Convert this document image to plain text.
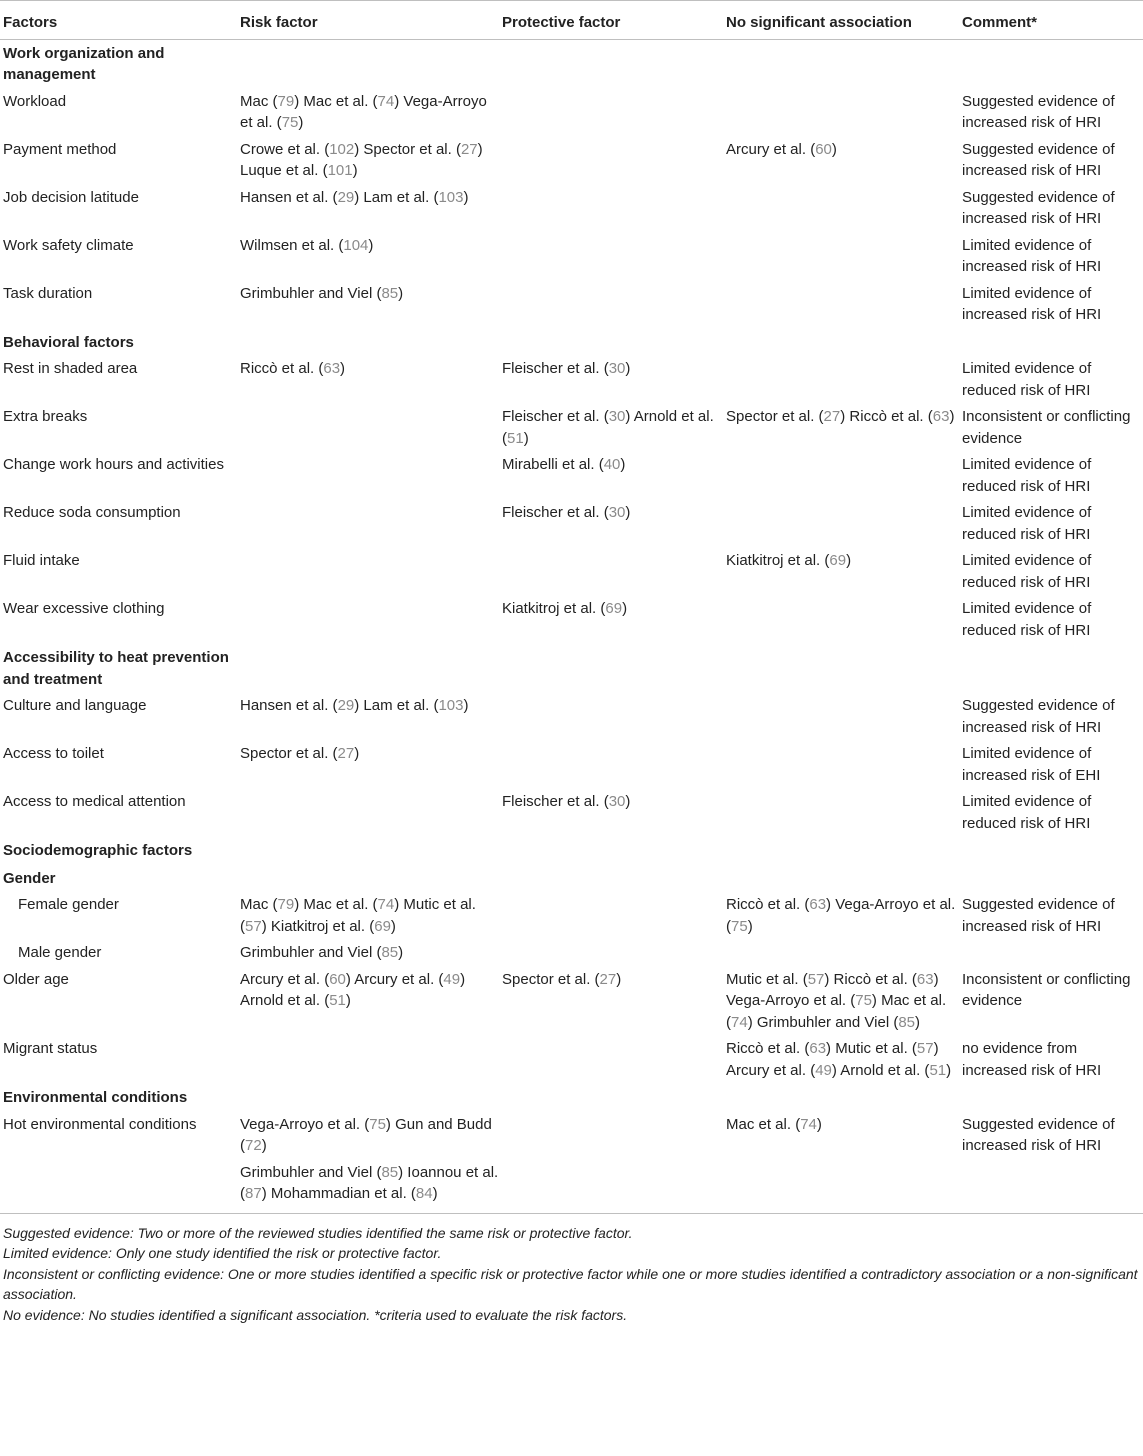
Factors	Risk factor	Protective factor	No significant association	Comment*
Work organization and management				
Workload	Mac (79) Mac et al. (74) Vega-Arroyo et al. (75)			Suggested evidence of increased risk of HRI
Payment method	Crowe et al. (102) Spector et al. (27) Luque et al. (101)		Arcury et al. (60)	Suggested evidence of increased risk of HRI
Job decision latitude	Hansen et al. (29) Lam et al. (103)			Suggested evidence of increased risk of HRI
Work safety climate	Wilmsen et al. (104)			Limited evidence of increased risk of HRI
Task duration	Grimbuhler and Viel (85)			Limited evidence of increased risk of HRI
Behavioral factors				
Rest in shaded area	Riccò et al. (63)	Fleischer et al. (30)		Limited evidence of reduced risk of HRI
Extra breaks		Fleischer et al. (30) Arnold et al. (51)	Spector et al. (27) Riccò et al. (63)	Inconsistent or conflicting evidence
Change work hours and activities		Mirabelli et al. (40)		Limited evidence of reduced risk of HRI
Reduce soda consumption		Fleischer et al. (30)		Limited evidence of reduced risk of HRI
Fluid intake			Kiatkitroj et al. (69)	Limited evidence of reduced risk of HRI
Wear excessive clothing		Kiatkitroj et al. (69)		Limited evidence of reduced risk of HRI
Accessibility to heat prevention and treatment				
Culture and language	Hansen et al. (29) Lam et al. (103)			Suggested evidence of increased risk of HRI
Access to toilet	Spector et al. (27)			Limited evidence of increased risk of EHI
Access to medical attention		Fleischer et al. (30)		Limited evidence of reduced risk of HRI
Sociodemographic factors				
Gender				
Female gender	Mac (79) Mac et al. (74) Mutic et al. (57) Kiatkitroj et al. (69)		Riccò et al. (63) Vega-Arroyo et al. (75)	Suggested evidence of increased risk of HRI
Male gender	Grimbuhler and Viel (85)			
Older age	Arcury et al. (60) Arcury et al. (49) Arnold et al. (51)	Spector et al. (27)	Mutic et al. (57) Riccò et al. (63) Vega-Arroyo et al. (75) Mac et al. (74) Grimbuhler and Viel (85)	Inconsistent or conflicting evidence
Migrant status			Riccò et al. (63) Mutic et al. (57) Arcury et al. (49) Arnold et al. (51)	no evidence from increased risk of HRI
Environmental conditions				
Hot environmental conditions	Vega-Arroyo et al. (75) Gun and Budd (72)		Mac et al. (74)	Suggested evidence of increased risk of HRI
	Grimbuhler and Viel (85) Ioannou et al. (87) Mohammadian et al. (84)			

Suggested evidence: Two or more of the reviewed studies identified the same risk or protective factor.

Limited evidence: Only one study identified the risk or protective factor.

Inconsistent or conflicting evidence: One or more studies identified a specific risk or protective factor while one or more studies identified a contradictory association or a non-significant association.

No evidence: No studies identified a significant association. *criteria used to evaluate the risk factors.
